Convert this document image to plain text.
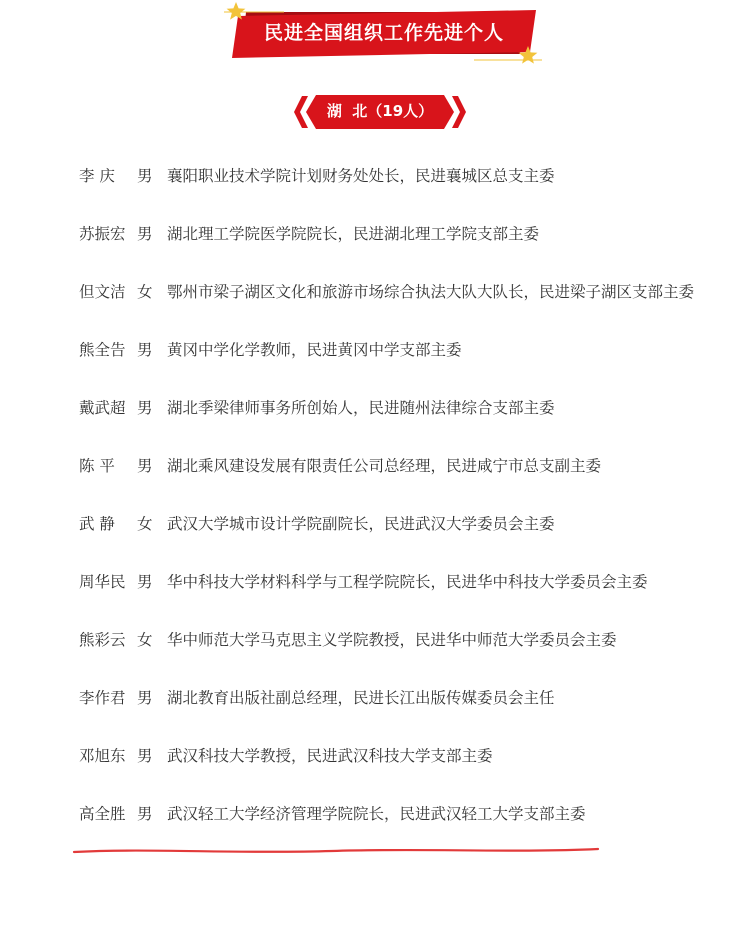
民进全国组织工作先进个人
湖  北（19人）

李 庆 男 襄阳职业技术学院计划财务处处长，民进襄城区总支主委

苏振宏 男 湖北理工学院医学院院长，民进湖北理工学院支部主委

但文洁 女 鄂州市梁子湖区文化和旅游市场综合执法大队大队长，民进梁子湖区支部主委

熊全告 男 黄冈中学化学教师，民进黄冈中学支部主委

戴武超 男 湖北季梁律师事务所创始人，民进随州法律综合支部主委

陈 平 男 湖北乘风建设发展有限责任公司总经理，民进咸宁市总支副主委

武 静 女 武汉大学城市设计学院副院长，民进武汉大学委员会主委

周华民 男 华中科技大学材料科学与工程学院院长，民进华中科技大学委员会主委

熊彩云 女 华中师范大学马克思主义学院教授，民进华中师范大学委员会主委

李作君 男 湖北教育出版社副总经理，民进长江出版传媒委员会主任

邓旭东 男 武汉科技大学教授，民进武汉科技大学支部主委

高全胜 男 武汉轻工大学经济管理学院院长，民进武汉轻工大学支部主委
